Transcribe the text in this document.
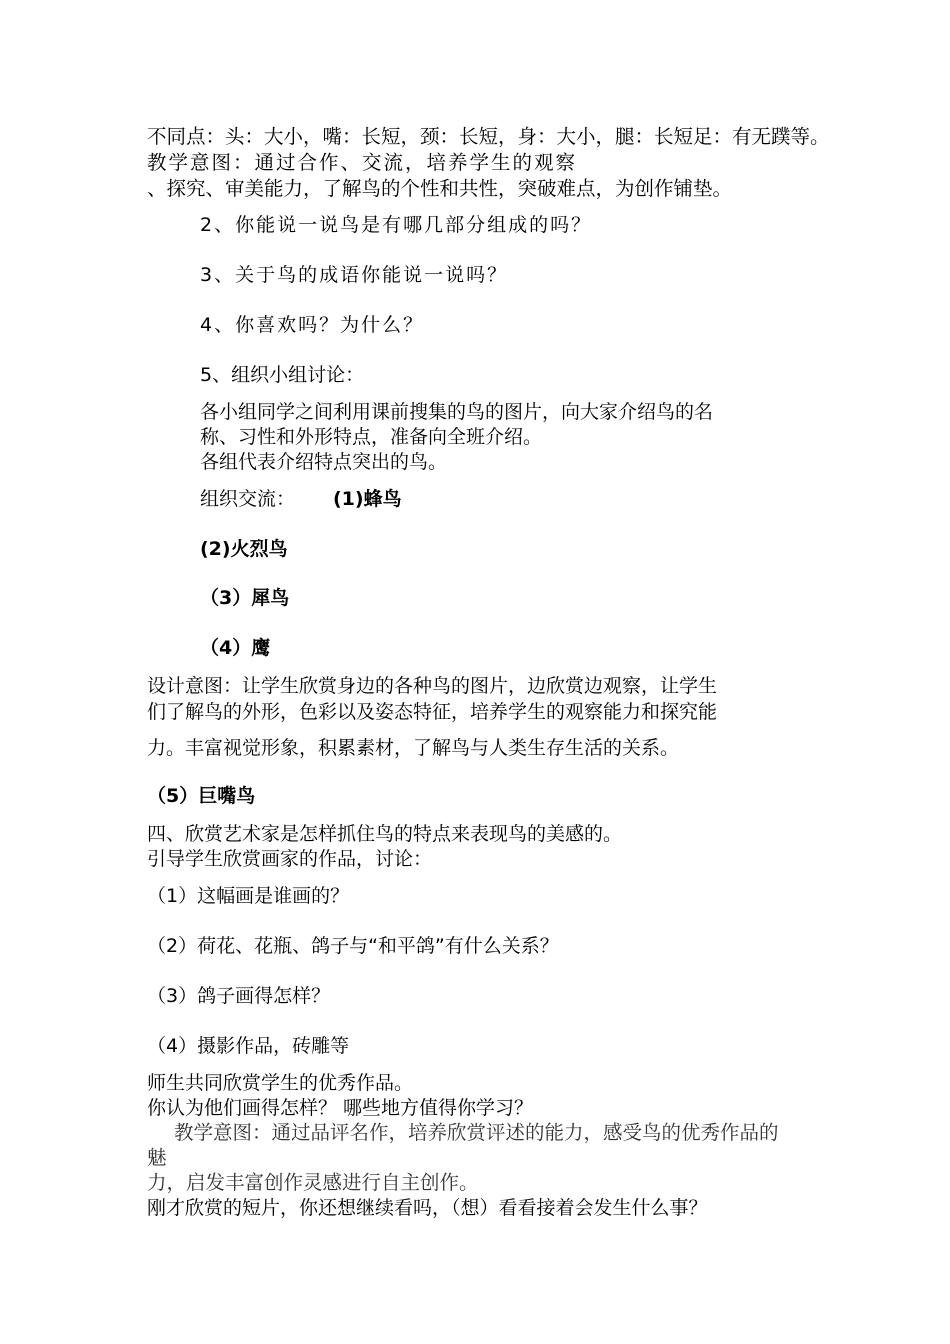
不同点：头：大小，嘴：长短，颈：长短，身：大小，腿：长短足：有无蹼等。
教学意图：通过合作、交流，培养学生的观察
、探究、审美能力，了解鸟的个性和共性，突破难点，为创作铺垫。
2、你能说一说鸟是有哪几部分组成的吗？
3、关于鸟的成语你能说一说吗？
4、你喜欢吗？为什么？
5、组织小组讨论：
各小组同学之间利用课前搜集的鸟的图片，向大家介绍鸟的名
称、习性和外形特点，准备向全班介绍。
各组代表介绍特点突出的鸟。
组织交流： (1)蜂鸟
(2)火烈鸟
（3）犀鸟
（4）鹰
设计意图：让学生欣赏身边的各种鸟的图片，边欣赏边观察，让学生
们了解鸟的外形，色彩以及姿态特征，培养学生的观察能力和探究能
力。丰富视觉形象，积累素材，了解鸟与人类生存生活的关系。
（5）巨嘴鸟
四、欣赏艺术家是怎样抓住鸟的特点来表现鸟的美感的。
引导学生欣赏画家的作品，讨论：
（1）这幅画是谁画的？
（2）荷花、花瓶、鸽子与“和平鸽”有什么关系？
（3）鸽子画得怎样？
（4）摄影作品，砖雕等
师生共同欣赏学生的优秀作品。
你认为他们画得怎样？ 哪些地方值得你学习？
教学意图：通过品评名作，培养欣赏评述的能力，感受鸟的优秀作品的
魅
力，启发丰富创作灵感进行自主创作。
刚才欣赏的短片，你还想继续看吗，（想）看看接着会发生什么事？
